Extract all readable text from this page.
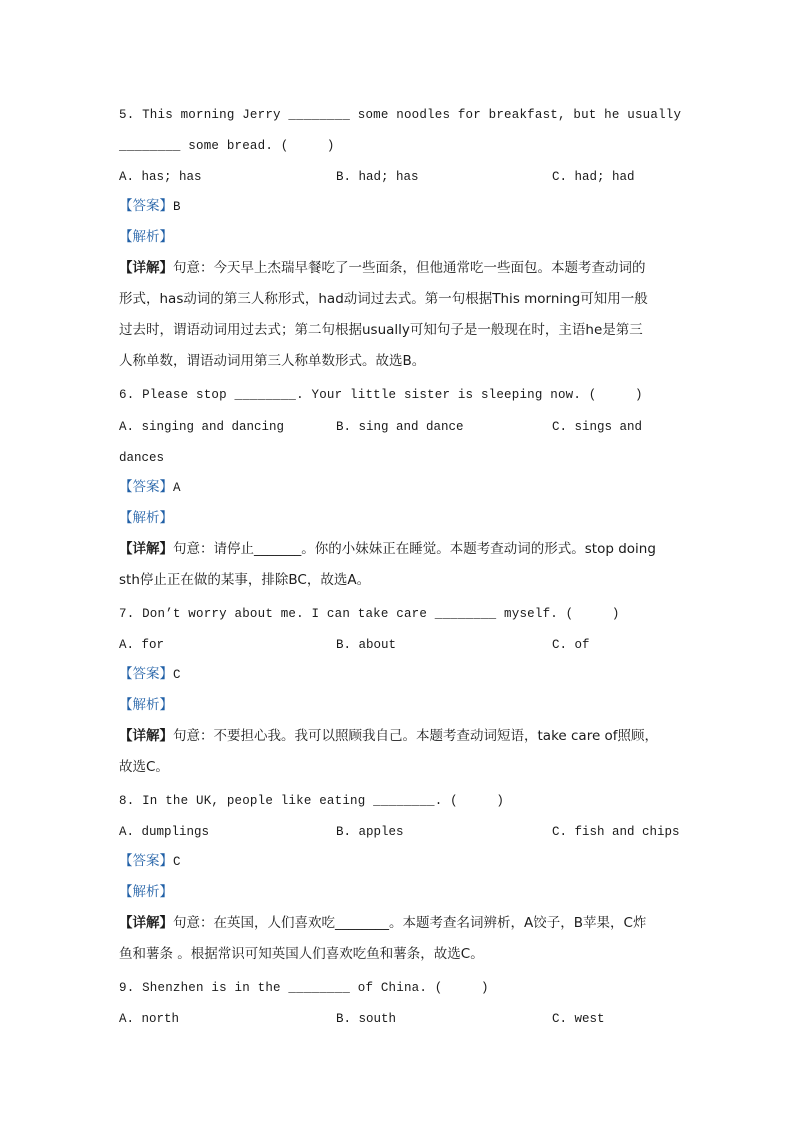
5. This morning Jerry ________ some noodles for breakfast, but he usually
________ some bread. (     )
A. has; has	B. had; has	C. had; had
【答案】B
【解析】
【详解】句意：今天早上杰瑞早餐吃了一些面条，但他通常吃一些面包。本题考查动词的
形式，has动词的第三人称形式，had动词过去式。第一句根据This morning可知用一般
过去时，谓语动词用过去式；第二句根据usually可知句子是一般现在时，主语he是第三
人称单数，谓语动词用第三人称单数形式。故选B。
6. Please stop ________. Your little sister is sleeping now. (     )
A. singing and dancing	B. sing and dance	C. sings and
dances
【答案】A
【解析】
【详解】句意：请停止_______。你的小妹妹正在睡觉。本题考查动词的形式。stop doing
sth停止正在做的某事，排除BC，故选A。
7. Don’t worry about me. I can take care ________ myself. (     )
A. for	B. about	C. of
【答案】C
【解析】
【详解】句意：不要担心我。我可以照顾我自己。本题考查动词短语，take care of照顾，
故选C。
8. In the UK, people like eating ________. (     )
A. dumplings	B. apples	C. fish and chips
【答案】C
【解析】
【详解】句意：在英国，人们喜欢吃________。本题考查名词辨析，A饺子，B苹果，C炸
鱼和薯条 。根据常识可知英国人们喜欢吃鱼和薯条，故选C。
9. Shenzhen is in the ________ of China. (     )
A. north	B. south	C. west
